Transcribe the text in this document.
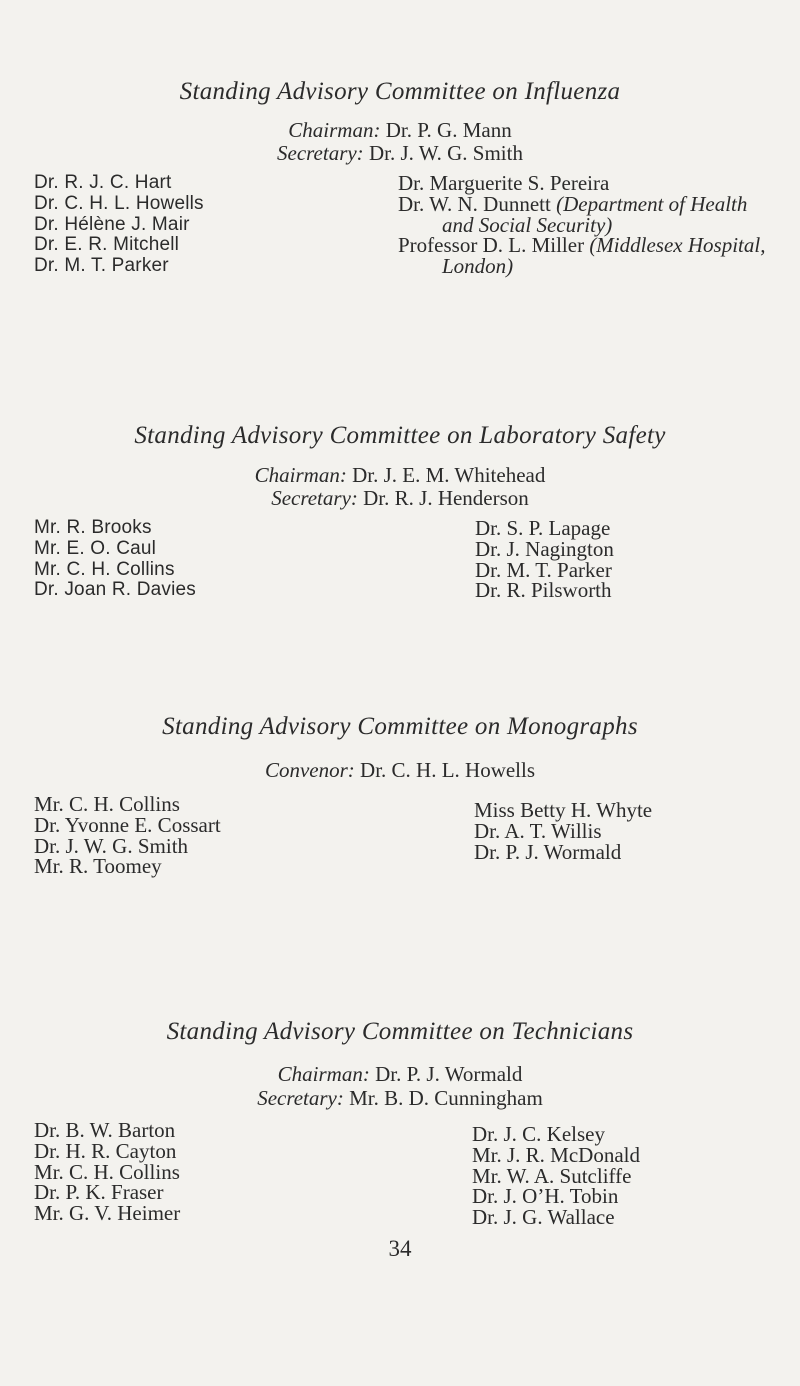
Standing Advisory Committee on Influenza
Chairman: Dr. P. G. Mann
Secretary: Dr. J. W. G. Smith
Dr. R. J. C. Hart
Dr. C. H. L. Howells
Dr. Hélène J. Mair
Dr. E. R. Mitchell
Dr. M. T. Parker
Dr. Marguerite S. Pereira
Dr. W. N. Dunnett (Department of Health
and Social Security)
Professor D. L. Miller (Middlesex Hospital,
London)
Standing Advisory Committee on Laboratory Safety
Chairman: Dr. J. E. M. Whitehead
Secretary: Dr. R. J. Henderson
Mr. R. Brooks
Mr. E. O. Caul
Mr. C. H. Collins
Dr. Joan R. Davies
Dr. S. P. Lapage
Dr. J. Nagington
Dr. M. T. Parker
Dr. R. Pilsworth
Standing Advisory Committee on Monographs
Convenor: Dr. C. H. L. Howells
Mr. C. H. Collins
Dr. Yvonne E. Cossart
Dr. J. W. G. Smith
Mr. R. Toomey
Miss Betty H. Whyte
Dr. A. T. Willis
Dr. P. J. Wormald
Standing Advisory Committee on Technicians
Chairman: Dr. P. J. Wormald
Secretary: Mr. B. D. Cunningham
Dr. B. W. Barton
Dr. H. R. Cayton
Mr. C. H. Collins
Dr. P. K. Fraser
Mr. G. V. Heimer
Dr. J. C. Kelsey
Mr. J. R. McDonald
Mr. W. A. Sutcliffe
Dr. J. O’H. Tobin
Dr. J. G. Wallace
34
